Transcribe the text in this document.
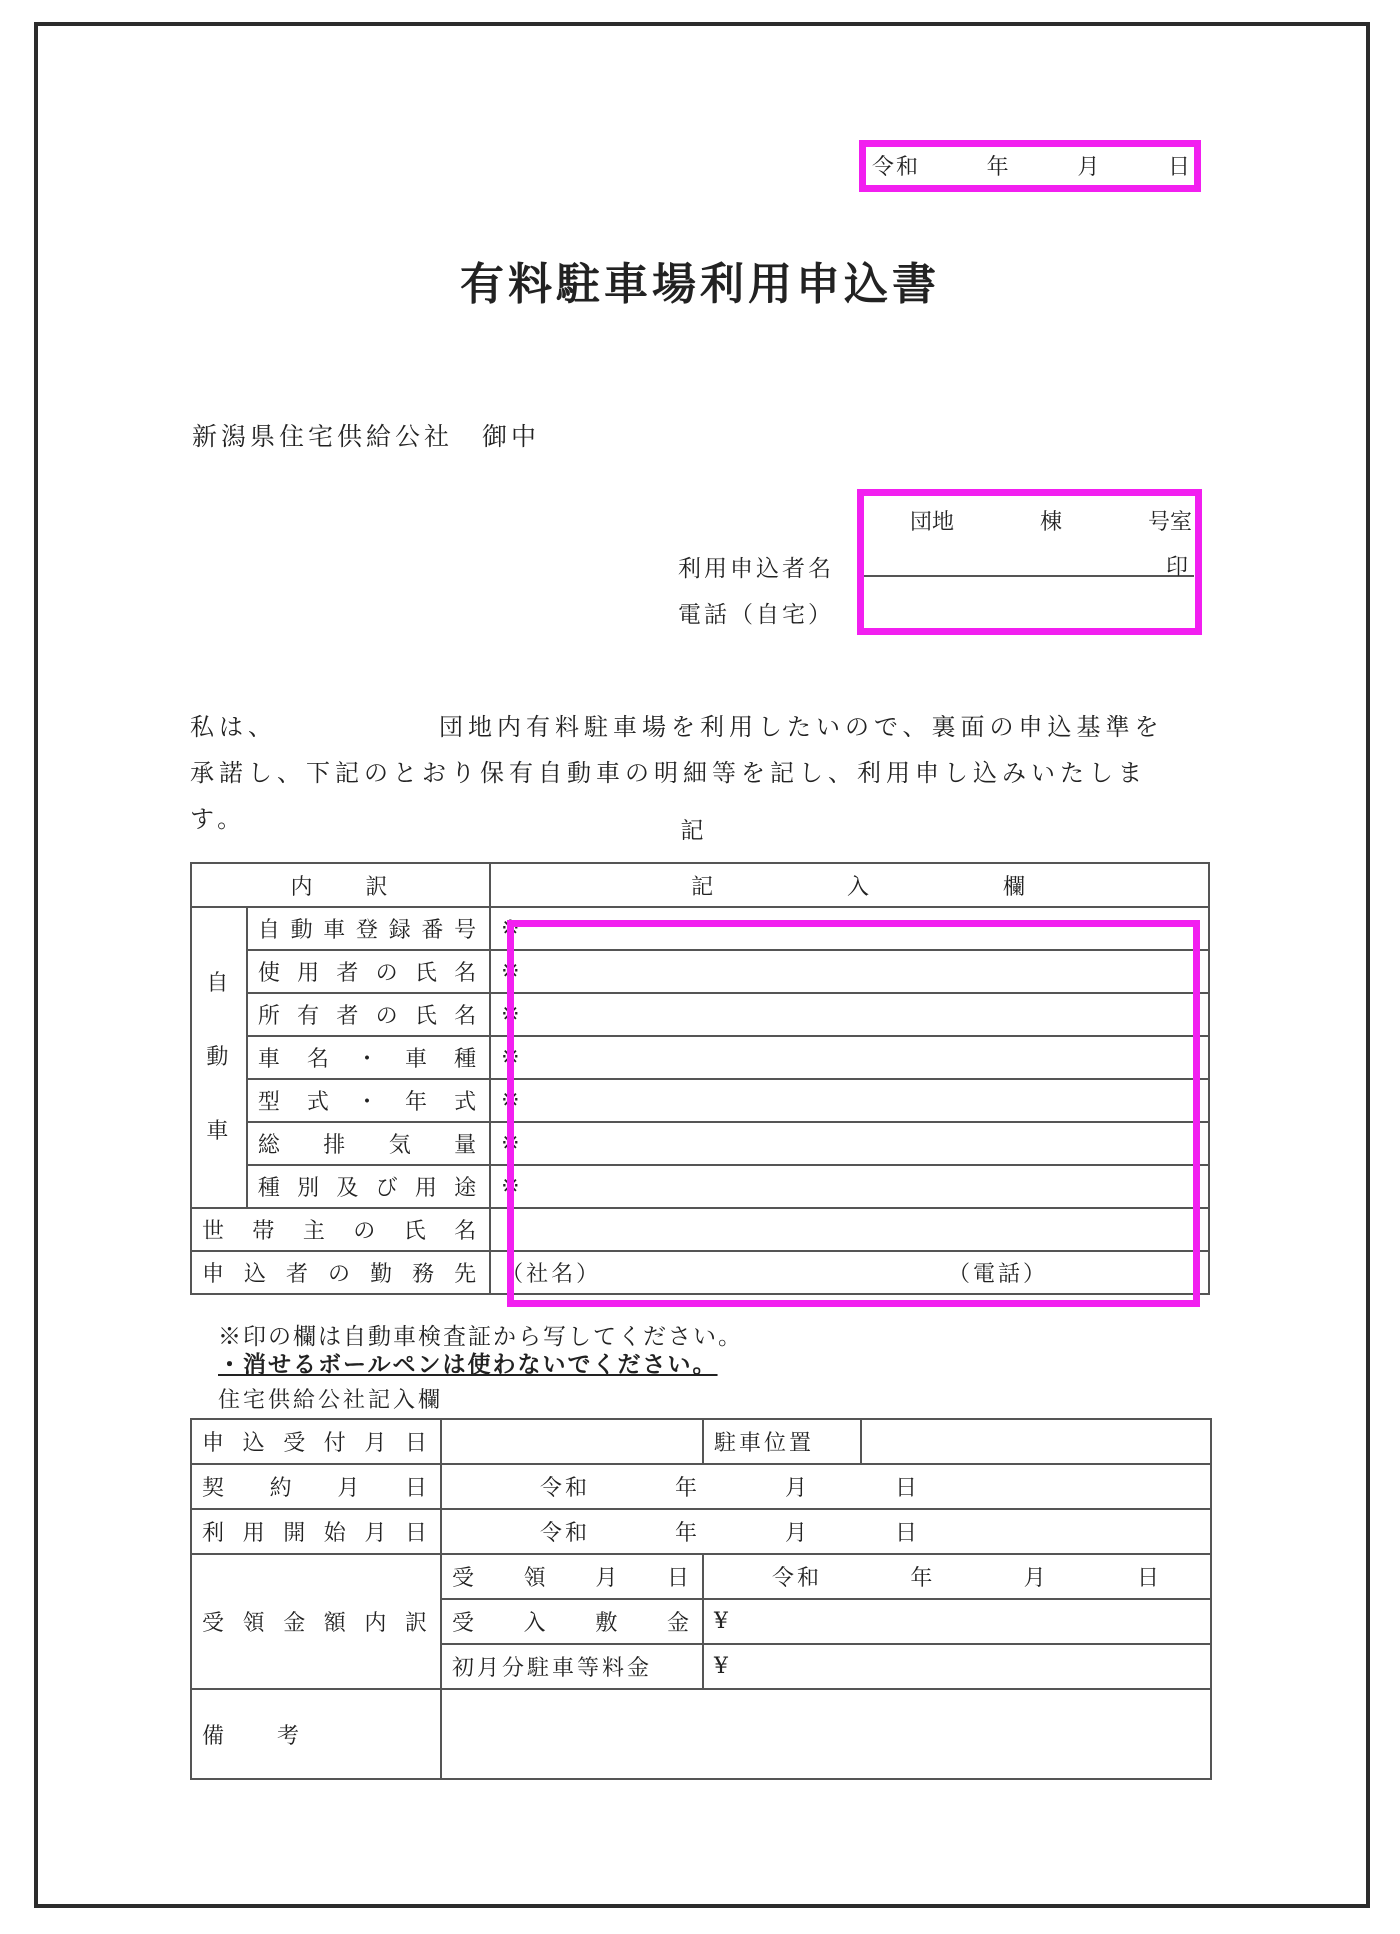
令和	年	月	日
有料駐車場利用申込書
新潟県住宅供給公社　御中
団地	棟	号室
利用申込者名	印
電話（自宅）
私は、　　　　　　団地内有料駐車場を利用したいので、裏面の申込基準を
承諾し、下記のとおり保有自動車の明細等を記し、利用申し込みいたします。	記
内　　訳		記 入 欄

自
動
車	自動車登録番号	※
	使用者の氏名	※
	所有者の氏名	※
	車名・車種	※
	型式・年式	※
	総排気量	※
	種別及び用途	※
世帯主の氏名		
申込者の勤務先		（社名） （電話）
※印の欄は自動車検査証から写してください。
・消せるボールペンは使わないでください。
住宅供給公社記入欄
申込受付月日		駐車位置	
契約月日	令和 年 月 日		

利用開始月日	令和 年 月 日		

受領金額内訳	受領月日	令和 年 月 日	

	受入敷金	¥	
	初月分駐車等料金	¥	
備　　考			
